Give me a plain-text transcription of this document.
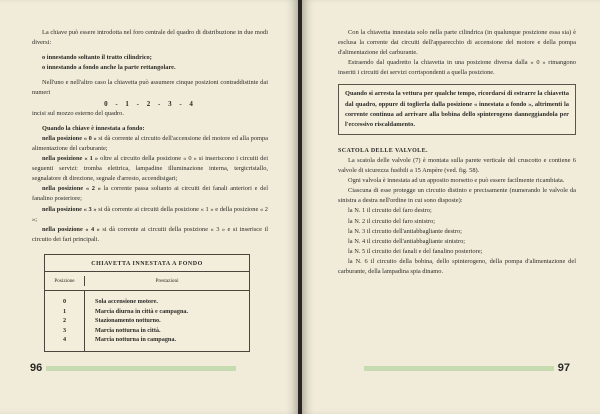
La chiave può essere introdotta nel foro centrale del quadro di distribuzione in due modi diversi:
o innestando soltanto il tratto cilindrico;
o innestando a fondo anche la parte rettangolare.
Nell'uno e nell'altro caso la chiavetta può assumere cinque posizioni contraddistinte dai numeri
0 - 1 - 2 - 3 - 4
incisi sul mozzo esterno del quadro.
Quando la chiave è innestata a fondo:
nella posizione « 0 » si dà corrente al circuito dell'accensione del motore ed alla pompa alimentazione del carburante;
nella posizione « 1 » oltre al circuito della posizione « 0 » si inseriscono i circuiti dei seguenti servizi: tromba elettrica, lampadine illuminazione interna, tergicristallo, segnalatore di direzione, segnale d'arresto, accendisigari;
nella posizione « 2 » la corrente passa soltanto ai circuiti dei fanali anteriori e del fanalino posteriore;
nella posizione « 3 » si dà corrente ai circuiti della posizione « 1 » e della posizione « 2 »;
nella posizione « 4 » si dà corrente ai circuiti della posizione « 3 » e si inserisce il circuito dei fari principali.
CHIAVETTA INNESTATA A FONDO
Posizione	Prestazioni
0	Sola accensione motore.
1	Marcia diurna in città e campagna.
2	Stazionamento notturno.
3	Marcia notturna in città.
4	Marcia notturna in campagna.
96
Con la chiavetta innestata solo nella parte cilindrica (in qualunque posizione essa sia) è esclusa la corrente dai circuiti dell'apparecchio di accensione del motore e della pompa d'alimentazione del carburante.
Estraendo dal quadretto la chiavetta in una posizione diversa dalla « 0 » rimangono inseriti i circuiti dei servizi corrispondenti a quella posizione.
Quando si arresta la vettura per qualche tempo, ricordarsi di estrarre la chiavetta dal quadro, oppure di toglierla dalla posizione « innestata a fondo », altrimenti la corrente continua ad arrivare alla bobina dello spinterogeno danneggiandola per l'eccessivo riscaldamento.
SCATOLA DELLE VALVOLE.
La scatola delle valvole (7) è montata sulla parete verticale del cruscotto e contiene 6 valvole di sicurezza fusibili a 15 Ampère (ved. fig. 58).
Ogni valvola è innestata ad un apposito morsetto e può essere facilmente ricambiata.
Ciascuna di esse protegge un circuito distinto e precisamente (numerando le valvole da sinistra a destra nell'ordine in cui sono disposte):
la N. 1 il circuito del faro destro;
la N. 2 il circuito del faro sinistro;
la N. 3 il circuito dell'antiabbagliante destro;
la N. 4 il circuito dell'antiabbagliante sinistro;
la N. 5 il circuito dei fanali e del fanalino posteriore;
la N. 6 il circuito della bobina, dello spinterogeno, della pompa d'alimentazione del carburante, della lampadina spia dinamo.
97
